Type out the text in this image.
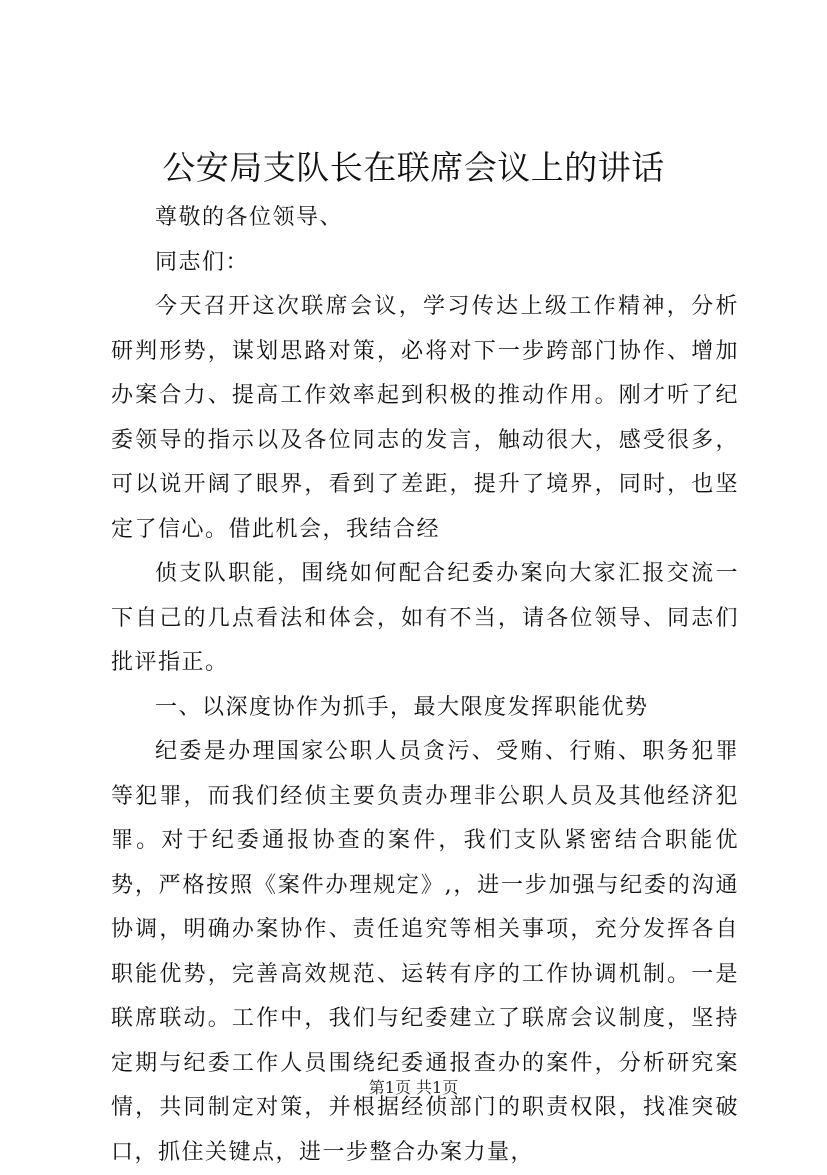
公安局支队长在联席会议上的讲话

尊敬的各位领导、

同志们：

今天召开这次联席会议，学习传达上级工作精神，分析研判形势，谋划思路对策，必将对下一步跨部门协作、增加办案合力、提高工作效率起到积极的推动作用。刚才听了纪委领导的指示以及各位同志的发言，触动很大，感受很多，可以说开阔了眼界，看到了差距，提升了境界，同时，也坚定了信心。借此机会，我结合经

侦支队职能，围绕如何配合纪委办案向大家汇报交流一下自己的几点看法和体会，如有不当，请各位领导、同志们批评指正。

一、以深度协作为抓手，最大限度发挥职能优势

纪委是办理国家公职人员贪污、受贿、行贿、职务犯罪等犯罪，而我们经侦主要负责办理非公职人员及其他经济犯罪。对于纪委通报协查的案件，我们支队紧密结合职能优势，严格按照《案件办理规定》,，进一步加强与纪委的沟通协调，明确办案协作、责任追究等相关事项，充分发挥各自职能优势，完善高效规范、运转有序的工作协调机制。一是联席联动。工作中，我们与纪委建立了联席会议制度，坚持定期与纪委工作人员围绕纪委通报查办的案件，分析研究案情，共同制定对策，并根据经侦部门的职责权限，找准突破口，抓住关键点，进一步整合办案力量，

第1页 共1页
